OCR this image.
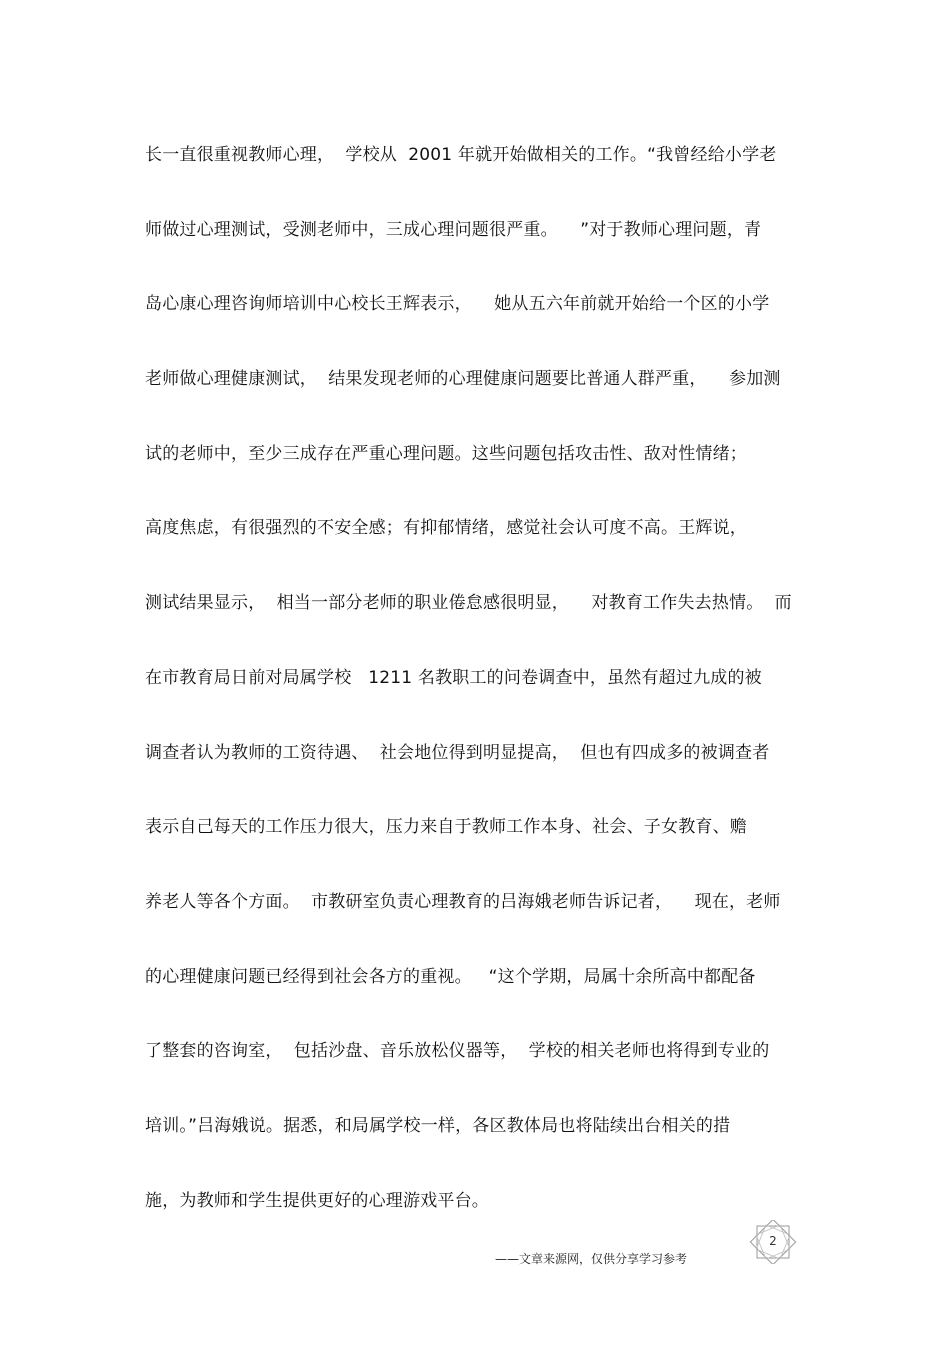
长一直很重视教师心理，  学校从  2001 年就开始做相关的工作。“我曾经给小学老
师做过心理测试，受测老师中，三成心理问题很严重。    ”对于教师心理问题，青
岛心康心理咨询师培训中心校长王辉表示，    她从五六年前就开始给一个区的小学
老师做心理健康测试，  结果发现老师的心理健康问题要比普通人群严重，    参加测
试的老师中，至少三成存在严重心理问题。这些问题包括攻击性、敌对性情绪；
高度焦虑，有很强烈的不安全感；有抑郁情绪，感觉社会认可度不高。王辉说，
测试结果显示，  相当一部分老师的职业倦怠感很明显，    对教育工作失去热情。  而
在市教育局日前对局属学校   1211 名教职工的问卷调查中，虽然有超过九成的被
调查者认为教师的工资待遇、  社会地位得到明显提高，  但也有四成多的被调查者
表示自己每天的工作压力很大，压力来自于教师工作本身、社会、子女教育、赡
养老人等各个方面。  市教研室负责心理教育的吕海娥老师告诉记者，    现在，老师
的心理健康问题已经得到社会各方的重视。   “这个学期，局属十余所高中都配备
了整套的咨询室，  包括沙盘、音乐放松仪器等，  学校的相关老师也将得到专业的
培训。”吕海娥说。据悉，和局属学校一样，各区教体局也将陆续出台相关的措
施，为教师和学生提供更好的心理游戏平台。
2
——文章来源网，仅供分享学习参考
